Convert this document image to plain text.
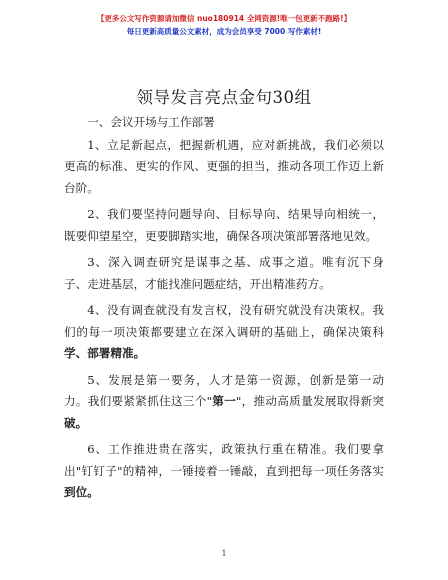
【更多公文写作资源请加微信 nuo180914 全网资源!唯一包更新不跑路!】
每日更新高质量公文素材，成为会员享受 7000 写作素材!
领导发言亮点金句30组

一、会议开场与工作部署

1、立足新起点，把握新机遇，应对新挑战，我们必须以更高的标准、更实的作风、更强的担当，推动各项工作迈上新台阶。

2、我们要坚持问题导向、目标导向、结果导向相统一，既要仰望星空，更要脚踏实地，确保各项决策部署落地见效。

3、深入调查研究是谋事之基、成事之道。唯有沉下身子、走进基层，才能找准问题症结，开出精准药方。

4、没有调查就没有发言权，没有研究就没有决策权。我们的每一项决策都要建立在深入调研的基础上，确保决策科学、部署精准。

5、发展是第一要务，人才是第一资源，创新是第一动力。我们要紧紧抓住这三个"第一"，推动高质量发展取得新突破。

6、工作推进贵在落实，政策执行重在精准。我们要拿出"钉钉子"的精神，一锤接着一锤敲，直到把每一项任务落实到位。

1
